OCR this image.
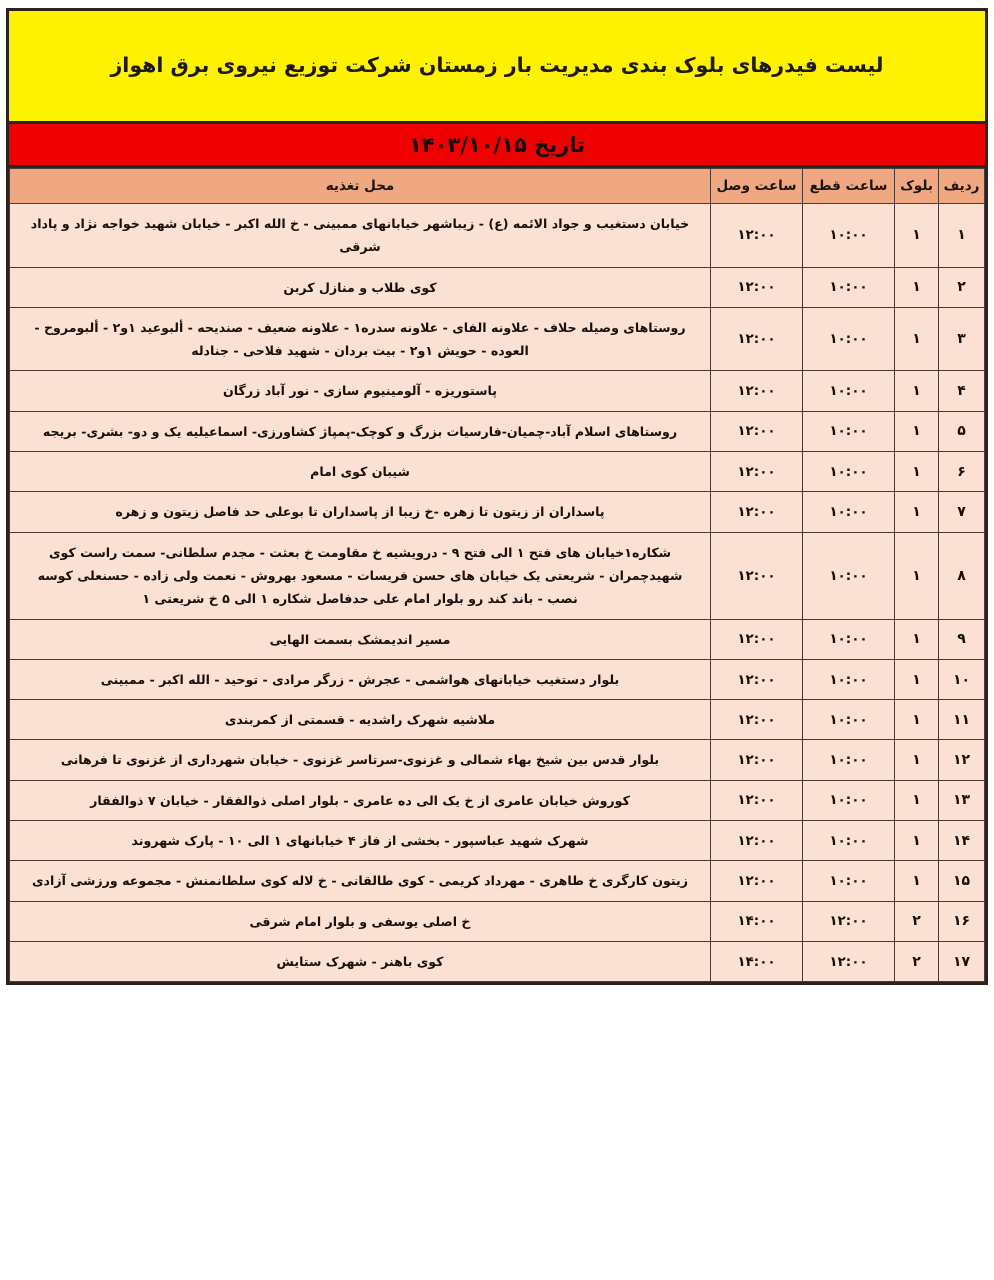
لیست فیدرهای بلوک بندی مدیریت بار زمستان شرکت توزیع نیروی برق اهواز
تاریخ ۱۴۰۳/۱۰/۱۵
ردیف	بلوک	ساعت قطع	ساعت وصل	محل تغذیه
۱	۱	۱۰:۰۰	۱۲:۰۰	خیابان دستغیب و جواد الائمه (ع) - زیباشهر خیابانهای ممبینی - خ الله اکبر - خیابان شهید خواجه نژاد و پاداد شرقی
۲	۱	۱۰:۰۰	۱۲:۰۰	کوی طلاب و منازل کربن
۳	۱	۱۰:۰۰	۱۲:۰۰	روستاهای وصیله حلاف - علاونه الفای - علاونه سدره۱ - علاونه ضعیف - صندیحه - ألبوعید ۱و۲ - ألبومروح - العوده - حویش ۱و۲ - بیت بردان - شهید فلاحی - جنادله
۴	۱	۱۰:۰۰	۱۲:۰۰	پاستوریزه - آلومینیوم سازی - نور آباد زرگان
۵	۱	۱۰:۰۰	۱۲:۰۰	روستاهای اسلام آباد-چمیان-فارسیات بزرگ و کوچک-پمپاژ کشاورزی- اسماعیلیه یک و دو- بشری- بریجه
۶	۱	۱۰:۰۰	۱۲:۰۰	شیبان کوی امام
۷	۱	۱۰:۰۰	۱۲:۰۰	پاسداران از زیتون تا زهره -خ زیبا از پاسداران تا بوعلی حد فاصل زیتون و زهره
۸	۱	۱۰:۰۰	۱۲:۰۰	شکاره۱خیابان های فتح ۱ الی فتح ۹ - درویشیه خ مقاومت خ بعثت - مجدم سلطانی- سمت راست کوی شهیدچمران - شریعتی یک خیابان های حسن فریسات - مسعود بهروش - نعمت ولی زاده - حسنعلی کوسه نصب - باند کند رو بلوار امام علی حدفاصل شکاره ۱ الی ۵ خ شریعتی ۱
۹	۱	۱۰:۰۰	۱۲:۰۰	مسیر اندیمشک بسمت الهایی
۱۰	۱	۱۰:۰۰	۱۲:۰۰	بلوار دستغیب خیابانهای هواشمی - عجرش - زرگر مرادی - توحید - الله اکبر - ممبینی
۱۱	۱	۱۰:۰۰	۱۲:۰۰	ملاشیه شهرک راشدیه - قسمتی از کمربندی
۱۲	۱	۱۰:۰۰	۱۲:۰۰	بلوار قدس بین شیخ بهاء شمالی و غزنوی-سرتاسر غزنوی - خیابان شهرداری از غزنوی تا فرهانی
۱۳	۱	۱۰:۰۰	۱۲:۰۰	کوروش خیابان عامری از خ یک الی ده عامری - بلوار اصلی ذوالفقار - خیابان ۷ ذوالفقار
۱۴	۱	۱۰:۰۰	۱۲:۰۰	شهرک شهید عباسپور - بخشی از فاز ۴ خیابانهای ۱ الی ۱۰ - پارک شهروند
۱۵	۱	۱۰:۰۰	۱۲:۰۰	زیتون کارگری خ طاهری - مهرداد کریمی - کوی طالقانی - خ لاله کوی سلطانمنش - مجموعه ورزشی آزادی
۱۶	۲	۱۲:۰۰	۱۴:۰۰	خ اصلی یوسفی و بلوار امام شرقی
۱۷	۲	۱۲:۰۰	۱۴:۰۰	کوی باهنر - شهرک ستایش
